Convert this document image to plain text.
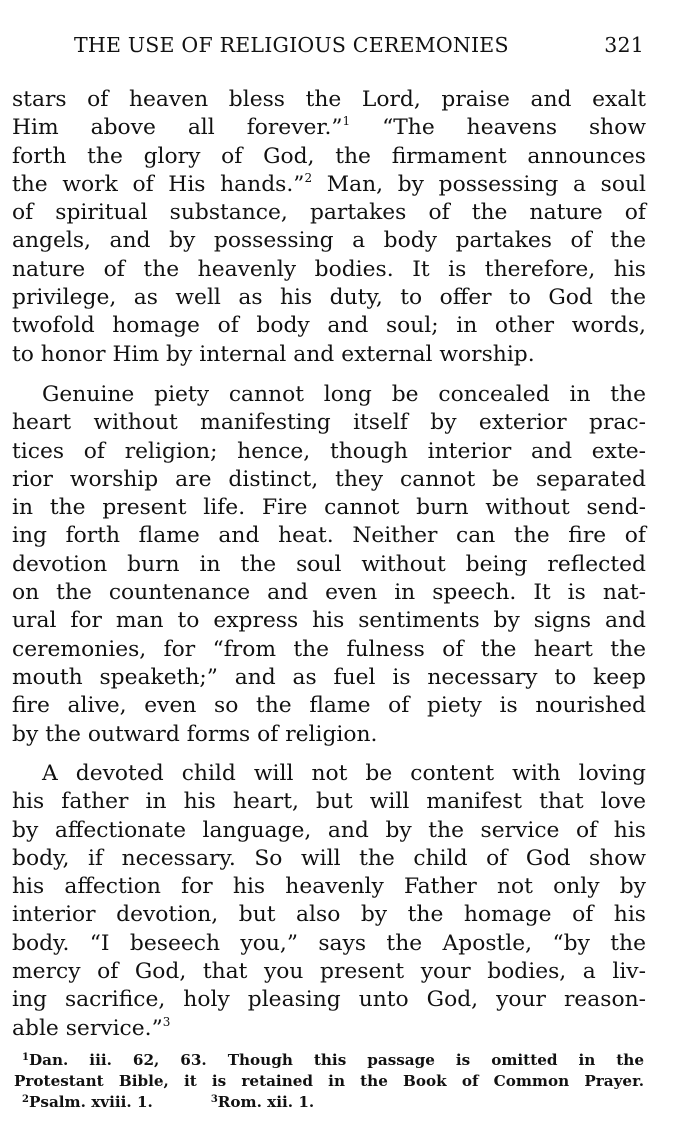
THE USE OF RELIGIOUS CEREMONIES	321
stars of heaven bless the Lord, praise and exalt
Him above all forever.”$^1$ “The heavens show
forth the glory of God, the firmament announces
the work of His hands.”$^2$ Man, by possessing a soul
of spiritual substance, partakes of the nature of
angels, and by possessing a body partakes of the
nature of the heavenly bodies. It is therefore, his
privilege, as well as his duty, to offer to God the
twofold homage of body and soul; in other words,
to honor Him by internal and external worship.
Genuine piety cannot long be concealed in the
heart without manifesting itself by exterior prac-
tices of religion; hence, though interior and exte-
rior worship are distinct, they cannot be separated
in the present life. Fire cannot burn without send-
ing forth flame and heat. Neither can the fire of
devotion burn in the soul without being reflected
on the countenance and even in speech. It is nat-
ural for man to express his sentiments by signs and
ceremonies, for “from the fulness of the heart the
mouth speaketh;” and as fuel is necessary to keep
fire alive, even so the flame of piety is nourished
by the outward forms of religion.
A devoted child will not be content with loving
his father in his heart, but will manifest that love
by affectionate language, and by the service of his
body, if necessary. So will the child of God show
his affection for his heavenly Father not only by
interior devotion, but also by the homage of his
body. “I beseech you,” says the Apostle, “by the
mercy of God, that you present your bodies, a liv-
ing sacrifice, holy pleasing unto God, your reason-
able service.”$^3$
$^1$Dan. iii. 62, 63. Though this passage is omitted in the
Protestant Bible, it is retained in the Book of Common Prayer.
$^2$Psalm. xviii. 1.	$^3$Rom. xii. 1.
